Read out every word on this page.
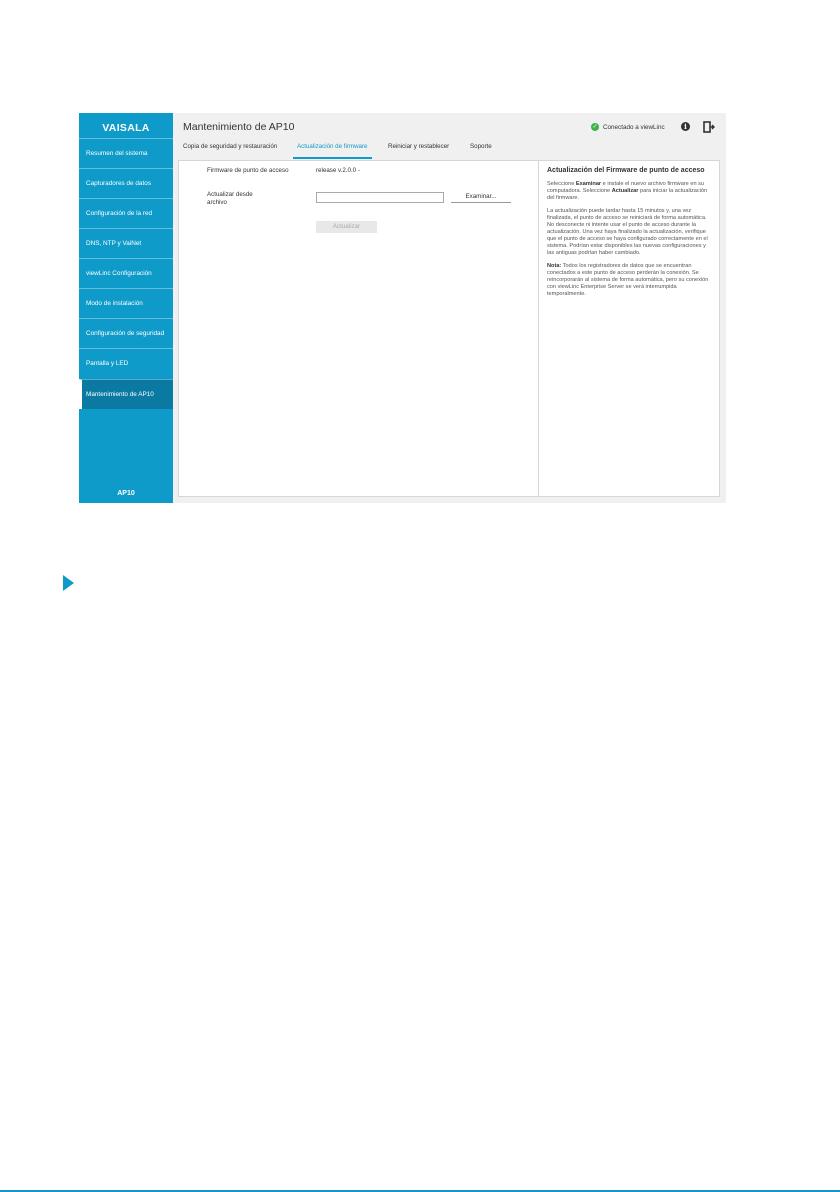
VAISALA
Resumen del sistema
Capturadores de datos
Configuración de la red
DNS, NTP y VaiNet
viewLinc Configuración
Modo de instalación
Configuración de seguridad
Pantalla y LED
Mantenimiento de AP10
AP10
Mantenimiento de AP10	✓ Conectado a viewLinc	i
Copia de seguridad y restauración	Actualización de firmware	Reiniciar y restablecer	Soporte
Firmware de punto de acceso	release v.2.0.0 -
Actualizar desde
archivo
Examinar...
Actualizar
Actualización del Firmware de punto de acceso

Seleccione Examinar e instale el nuevo archivo firmware en su computadora. Seleccione Actualizar para iniciar la actualización del firmware.

La actualización puede tardar hasta 15 minutos y, una vez finalizada, el punto de acceso se reiniciará de forma automática. No desconecte ni intente usar el punto de acceso durante la actualización. Una vez haya finalizado la actualización, verifique que el punto de acceso se haya configurado correctamente en el sistema. Podrían estar disponibles las nuevas configuraciones y las antiguas podrían haber cambiado.

Nota: Todos los registradores de datos que se encuentran conectados a este punto de acceso perderán la conexión. Se reincorporarán al sistema de forma automática, pero su conexión con viewLinc Enterprise Server se verá interrumpida temporalmente.
